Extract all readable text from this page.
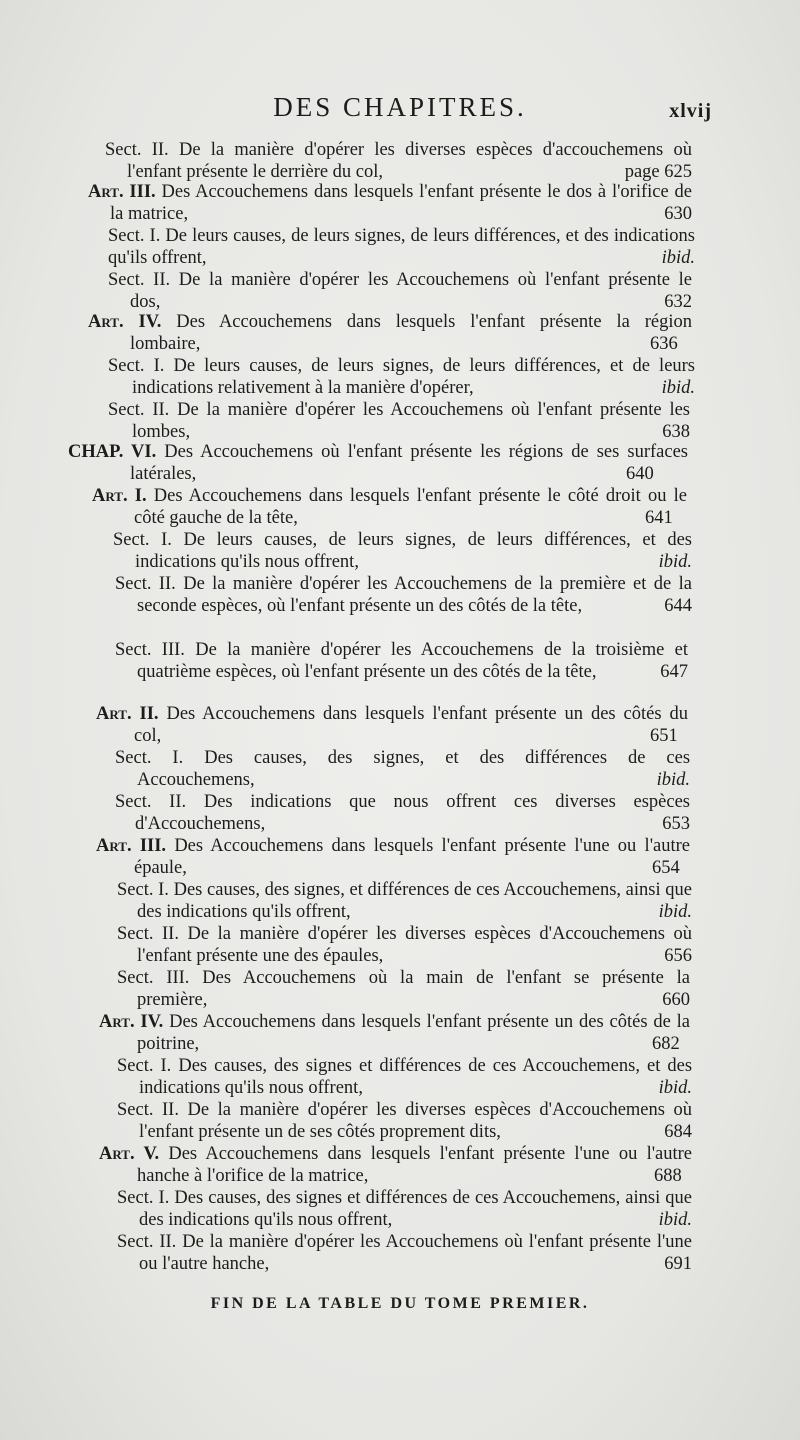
DES CHAPITRES.	xlvij
Sect. II. De la manière d'opérer les diverses espèces d'accouchemens où l'enfant présente le derrière du col,	page 625
Art. III. Des Accouchemens dans lesquels l'enfant présente le dos à l'orifice de la matrice,	630
Sect. I. De leurs causes, de leurs signes, de leurs différences, et des indications qu'ils offrent,	ibid.
Sect. II. De la manière d'opérer les Accouchemens où l'enfant présente le dos,	632
Art. IV. Des Accouchemens dans lesquels l'enfant présente la région lombaire,	636
Sect. I. De leurs causes, de leurs signes, de leurs différences, et de leurs indications relativement à la manière d'opérer,	ibid.
Sect. II. De la manière d'opérer les Accouchemens où l'enfant présente les lombes,	638
CHAP. VI. Des Accouchemens où l'enfant présente les régions de ses surfaces latérales,	640
Art. I. Des Accouchemens dans lesquels l'enfant présente le côté droit ou le côté gauche de la tête,	641
Sect. I. De leurs causes, de leurs signes, de leurs différences, et des indications qu'ils nous offrent,	ibid.
Sect. II. De la manière d'opérer les Accouchemens de la première et de la seconde espèces, où l'enfant présente un des côtés de la tête,	644
Sect. III. De la manière d'opérer les Accouchemens de la troisième et quatrième espèces, où l'enfant présente un des côtés de la tête,	647
Art. II. Des Accouchemens dans lesquels l'enfant présente un des côtés du col,	651
Sect. I. Des causes, des signes, et des différences de ces Accouchemens,	ibid.
Sect. II. Des indications que nous offrent ces diverses espèces d'Accouchemens,	653
Art. III. Des Accouchemens dans lesquels l'enfant présente l'une ou l'autre épaule,	654
Sect. I. Des causes, des signes, et différences de ces Accouchemens, ainsi que des indications qu'ils offrent,	ibid.
Sect. II. De la manière d'opérer les diverses espèces d'Accouchemens où l'enfant présente une des épaules,	656
Sect. III. Des Accouchemens où la main de l'enfant se présente la première,	660
Art. IV. Des Accouchemens dans lesquels l'enfant présente un des côtés de la poitrine,	682
Sect. I. Des causes, des signes et différences de ces Accouchemens, et des indications qu'ils nous offrent,	ibid.
Sect. II. De la manière d'opérer les diverses espèces d'Accouchemens où l'enfant présente un de ses côtés proprement dits,	684
Art. V. Des Accouchemens dans lesquels l'enfant présente l'une ou l'autre hanche à l'orifice de la matrice,	688
Sect. I. Des causes, des signes et différences de ces Accouchemens, ainsi que des indications qu'ils nous offrent,	ibid.
Sect. II. De la manière d'opérer les Accouchemens où l'enfant présente l'une ou l'autre hanche,	691
FIN DE LA TABLE DU TOME PREMIER.
